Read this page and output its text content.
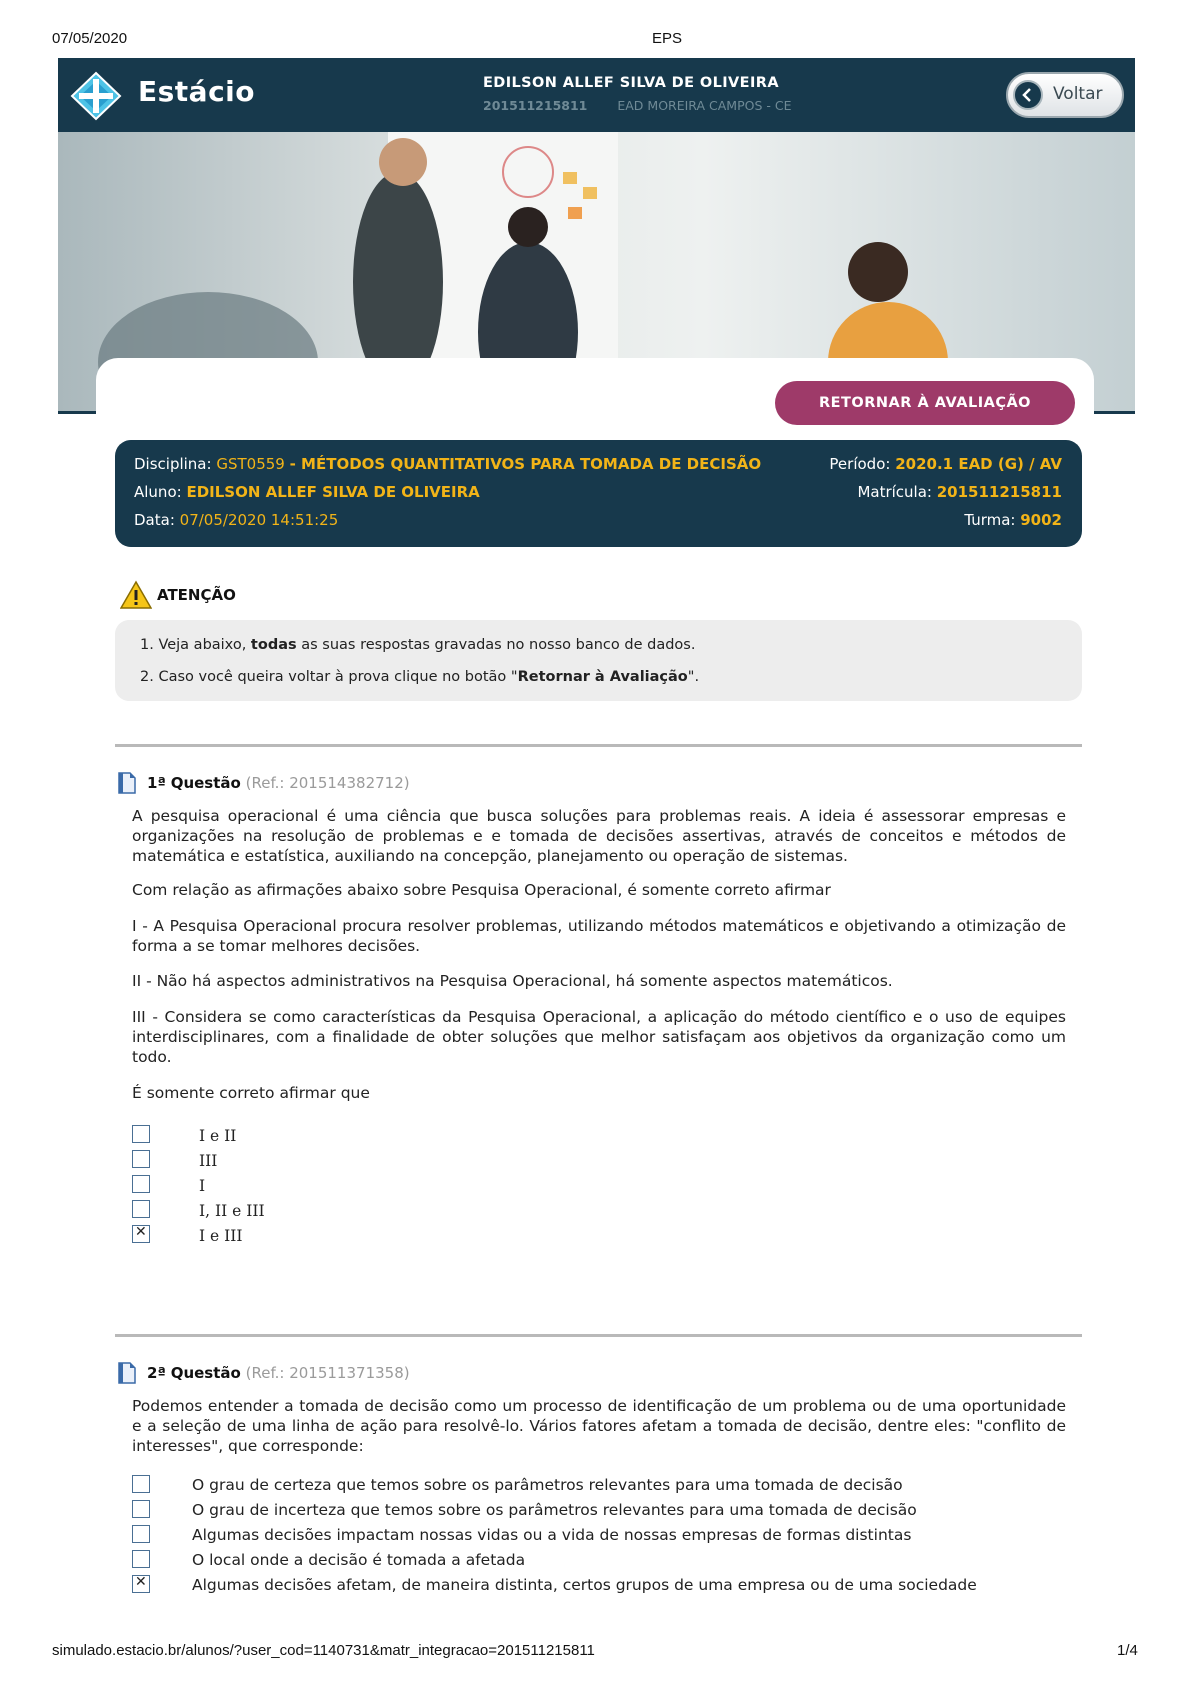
07/05/2020	EPS
Estácio	EDILSON ALLEF SILVA DE OLIVEIRA
201511215811 EAD MOREIRA CAMPOS - CE
Voltar
RETORNAR À AVALIAÇÃO
Disciplina: GST0559 - MÉTODOS QUANTITATIVOS PARA TOMADA DE DECISÃO	Período: 2020.1 EAD (G) / AV
Aluno: EDILSON ALLEF SILVA DE OLIVEIRA	Matrícula: 201511215811
Data: 07/05/2020 14:51:25	Turma: 9002
ATENÇÃO
1. Veja abaixo, todas as suas respostas gravadas no nosso banco de dados.
2. Caso você queira voltar à prova clique no botão "Retornar à Avaliação".
1ª Questão (Ref.: 201514382712)
A pesquisa operacional é uma ciência que busca soluções para problemas reais. A ideia é assessorar empresas e organizações na resolução de problemas e e tomada de decisões assertivas, através de conceitos e métodos de matemática e estatística, auxiliando na concepção, planejamento ou operação de sistemas.
Com relação as afirmações abaixo sobre Pesquisa Operacional, é somente correto afirmar
I - A Pesquisa Operacional procura resolver problemas, utilizando métodos matemáticos e objetivando a otimização de forma a se tomar melhores decisões.
II - Não há aspectos administrativos na Pesquisa Operacional, há somente aspectos matemáticos.
III - Considera se como características da Pesquisa Operacional, a aplicação do método científico e o uso de equipes interdisciplinares, com a finalidade de obter soluções que melhor satisfaçam aos objetivos da organização como um todo.
É somente correto afirmar que
I e II
III
I
I, II e III
✕
I e III
2ª Questão (Ref.: 201511371358)
Podemos entender a tomada de decisão como um processo de identificação de um problema ou de uma oportunidade e a seleção de uma linha de ação para resolvê-lo. Vários fatores afetam a tomada de decisão, dentre eles: "conflito de interesses", que corresponde:
O grau de certeza que temos sobre os parâmetros relevantes para uma tomada de decisão
O grau de incerteza que temos sobre os parâmetros relevantes para uma tomada de decisão
Algumas decisões impactam nossas vidas ou a vida de nossas empresas de formas distintas
O local onde a decisão é tomada a afetada
✕
Algumas decisões afetam, de maneira distinta, certos grupos de uma empresa ou de uma sociedade
simulado.estacio.br/alunos/?user_cod=1140731&matr_integracao=201511215811	1/4
